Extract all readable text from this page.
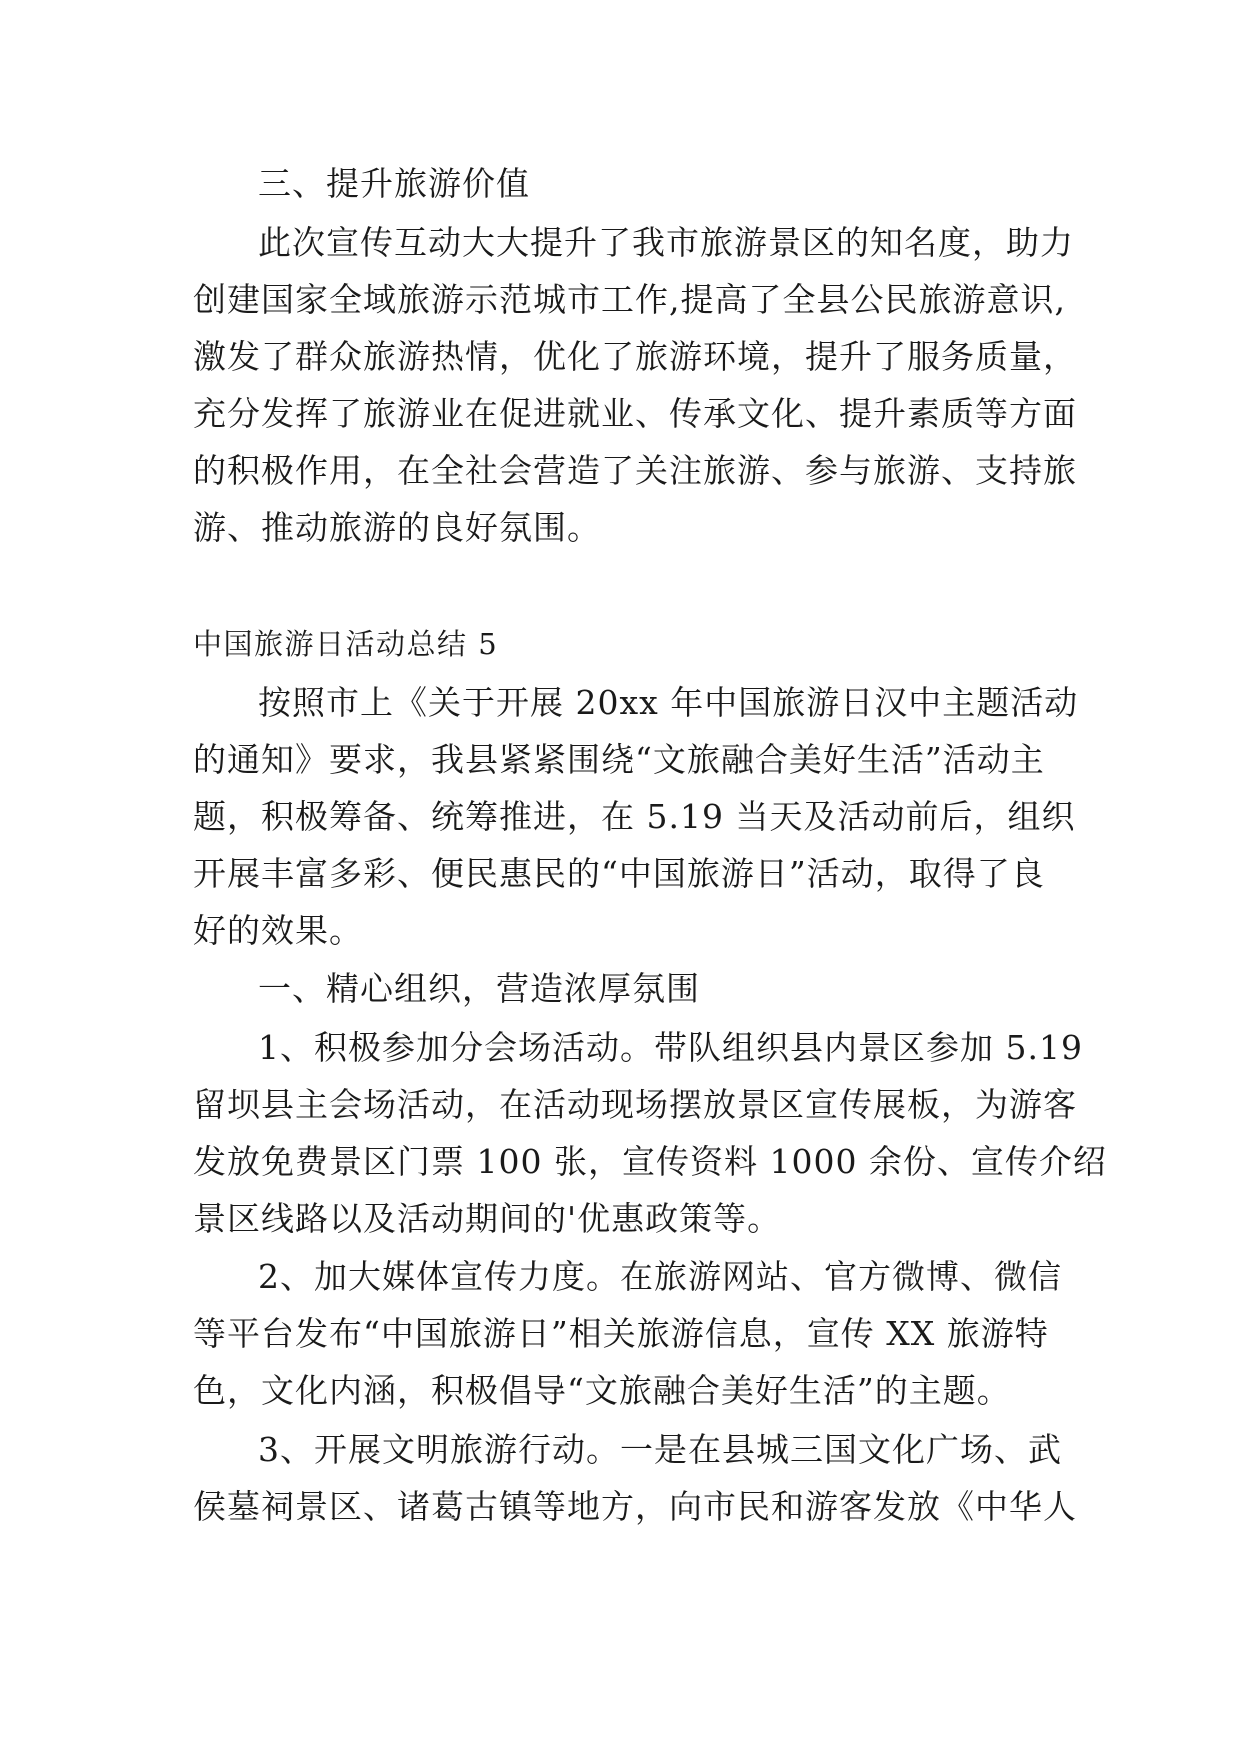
三、提升旅游价值
此次宣传互动大大提升了我市旅游景区的知名度，助力
创建国家全域旅游示范城市工作,提高了全县公民旅游意识,
激发了群众旅游热情，优化了旅游环境，提升了服务质量，
充分发挥了旅游业在促进就业、传承文化、提升素质等方面
的积极作用，在全社会营造了关注旅游、参与旅游、支持旅
游、推动旅游的良好氛围。
中国旅游日活动总结 5
按照市上《关于开展 20xx 年中国旅游日汉中主题活动
的通知》要求，我县紧紧围绕“文旅融合美好生活”活动主
题，积极筹备、统筹推进，在 5.19 当天及活动前后，组织
开展丰富多彩、便民惠民的“中国旅游日”活动，取得了良
好的效果。
一、精心组织，营造浓厚氛围
1、积极参加分会场活动。带队组织县内景区参加 5.19
留坝县主会场活动，在活动现场摆放景区宣传展板，为游客
发放免费景区门票 100 张，宣传资料 1000 余份、宣传介绍
景区线路以及活动期间的'优惠政策等。
2、加大媒体宣传力度。在旅游网站、官方微博、微信
等平台发布“中国旅游日”相关旅游信息，宣传 XX 旅游特
色，文化内涵，积极倡导“文旅融合美好生活”的主题。
3、开展文明旅游行动。一是在县城三国文化广场、武
侯墓祠景区、诸葛古镇等地方，向市民和游客发放《中华人
